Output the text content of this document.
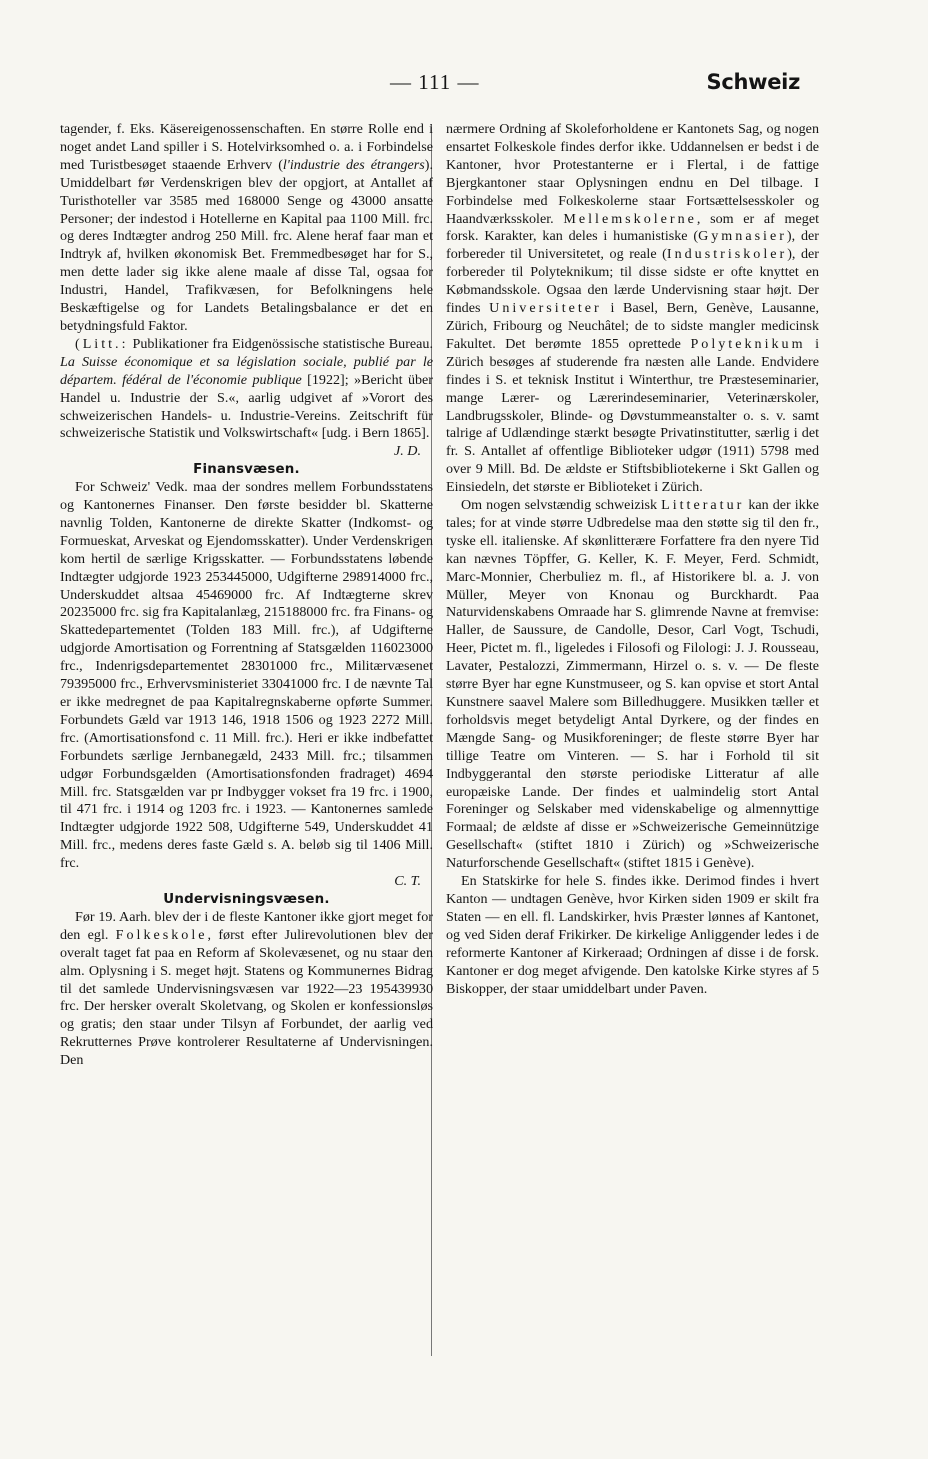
— 111 —	Schweiz

tagender, f. Eks. Käsereigenossenschaften. En større Rolle end i noget andet Land spiller i S. Hotelvirksomhed o. a. i Forbindelse med Turistbesøget staaende Erhverv (l'industrie des étrangers). Umiddelbart før Verdenskrigen blev der opgjort, at Antallet af Turisthoteller var 3585 med 168000 Senge og 43000 ansatte Personer; der indestod i Hotellerne en Kapital paa 1100 Mill. frc. og deres Indtægter androg 250 Mill. frc. Alene heraf faar man et Indtryk af, hvilken økonomisk Bet. Fremmedbesøget har for S., men dette lader sig ikke alene maale af disse Tal, ogsaa for Industri, Handel, Trafikvæsen, for Befolkningens hele Beskæftigelse og for Landets Betalingsbalance er det en betydningsfuld Faktor.

(Litt.: Publikationer fra Eidgenössische statistische Bureau. La Suisse économique et sa législation sociale, publié par le départem. fédéral de l'économie publique [1922]; »Bericht über Handel u. Industrie der S.«, aarlig udgivet af »Vorort des schweizerischen Handels- u. Industrie-Vereins. Zeitschrift für schweizerische Statistik und Volkswirtschaft« [udg. i Bern 1865].

J. D.

Finansvæsen.

For Schweiz' Vedk. maa der sondres mellem Forbundsstatens og Kantonernes Finanser. Den første besidder bl. Skatterne navnlig Tolden, Kantonerne de direkte Skatter (Indkomst- og Formueskat, Arveskat og Ejendomsskatter). Under Verdenskrigen kom hertil de særlige Krigsskatter. — Forbundsstatens løbende Indtægter udgjorde 1923 253445000, Udgifterne 298914000 frc., Underskuddet altsaa 45469000 frc. Af Indtægterne skrev 20235000 frc. sig fra Kapitalanlæg, 215188000 frc. fra Finans- og Skattedepartementet (Tolden 183 Mill. frc.), af Udgifterne udgjorde Amortisation og Forrentning af Statsgælden 116023000 frc., Indenrigsdepartementet 28301000 frc., Militærvæsenet 79395000 frc., Erhvervsministeriet 33041000 frc. I de nævnte Tal er ikke medregnet de paa Kapitalregnskaberne opførte Summer. Forbundets Gæld var 1913 146, 1918 1506 og 1923 2272 Mill. frc. (Amortisationsfond c. 11 Mill. frc.). Heri er ikke indbefattet Forbundets særlige Jernbanegæld, 2433 Mill. frc.; tilsammen udgør Forbundsgælden (Amortisationsfonden fradraget) 4694 Mill. frc. Statsgælden var pr Indbygger vokset fra 19 frc. i 1900, til 471 frc. i 1914 og 1203 frc. i 1923. — Kantonernes samlede Indtægter udgjorde 1922 508, Udgifterne 549, Underskuddet 41 Mill. frc., medens deres faste Gæld s. A. beløb sig til 1406 Mill. frc.

C. T.

Undervisningsvæsen.

Før 19. Aarh. blev der i de fleste Kantoner ikke gjort meget for den egl. Folkeskole, først efter Julirevolutionen blev der overalt taget fat paa en Reform af Skolevæsenet, og nu staar den alm. Oplysning i S. meget højt. Statens og Kommunernes Bidrag til det samlede Undervisningsvæsen var 1922—23 195439930 frc. Der hersker overalt Skoletvang, og Skolen er konfessionsløs og gratis; den staar under Tilsyn af Forbundet, der aarlig ved Rekrutternes Prøve kontrolerer Resultaterne af Undervisningen. Den

nærmere Ordning af Skoleforholdene er Kantonets Sag, og nogen ensartet Folkeskole findes derfor ikke. Uddannelsen er bedst i de Kantoner, hvor Protestanterne er i Flertal, i de fattige Bjergkantoner staar Oplysningen endnu en Del tilbage. I Forbindelse med Folkeskolerne staar Fortsættelsesskoler og Haandværksskoler. Mellemskolerne, som er af meget forsk. Karakter, kan deles i humanistiske (Gymnasier), der forbereder til Universitetet, og reale (Industriskoler), der forbereder til Polyteknikum; til disse sidste er ofte knyttet en Købmandsskole. Ogsaa den lærde Undervisning staar højt. Der findes Universiteter i Basel, Bern, Genève, Lausanne, Zürich, Fribourg og Neuchâtel; de to sidste mangler medicinsk Fakultet. Det berømte 1855 oprettede Polyteknikum i Zürich besøges af studerende fra næsten alle Lande. Endvidere findes i S. et teknisk Institut i Winterthur, tre Præsteseminarier, mange Lærer- og Lærerindeseminarier, Veterinærskoler, Landbrugsskoler, Blinde- og Døvstummeanstalter o. s. v. samt talrige af Udlændinge stærkt besøgte Privatinstitutter, særlig i det fr. S. Antallet af offentlige Biblioteker udgør (1911) 5798 med over 9 Mill. Bd. De ældste er Stiftsbibliotekerne i Skt Gallen og Einsiedeln, det største er Biblioteket i Zürich.

Om nogen selvstændig schweizisk Litteratur kan der ikke tales; for at vinde større Udbredelse maa den støtte sig til den fr., tyske ell. italienske. Af skønlitterære Forfattere fra den nyere Tid kan nævnes Töpffer, G. Keller, K. F. Meyer, Ferd. Schmidt, Marc-Monnier, Cherbuliez m. fl., af Historikere bl. a. J. von Müller, Meyer von Knonau og Burckhardt. Paa Naturvidenskabens Omraade har S. glimrende Navne at fremvise: Haller, de Saussure, de Candolle, Desor, Carl Vogt, Tschudi, Heer, Pictet m. fl., ligeledes i Filosofi og Filologi: J. J. Rousseau, Lavater, Pestalozzi, Zimmermann, Hirzel o. s. v. — De fleste større Byer har egne Kunstmuseer, og S. kan opvise et stort Antal Kunstnere saavel Malere som Billedhuggere. Musikken tæller et forholdsvis meget betydeligt Antal Dyrkere, og der findes en Mængde Sang- og Musikforeninger; de fleste større Byer har tillige Teatre om Vinteren. — S. har i Forhold til sit Indbyggerantal den største periodiske Litteratur af alle europæiske Lande. Der findes et ualmindelig stort Antal Foreninger og Selskaber med videnskabelige og almennyttige Formaal; de ældste af disse er »Schweizerische Gemeinnützige Gesellschaft« (stiftet 1810 i Zürich) og »Schweizerische Naturforschende Gesellschaft« (stiftet 1815 i Genève).

En Statskirke for hele S. findes ikke. Derimod findes i hvert Kanton — undtagen Genève, hvor Kirken siden 1909 er skilt fra Staten — en ell. fl. Landskirker, hvis Præster lønnes af Kantonet, og ved Siden deraf Frikirker. De kirkelige Anliggender ledes i de reformerte Kantoner af Kirkeraad; Ordningen af disse i de forsk. Kantoner er dog meget afvigende. Den katolske Kirke styres af 5 Biskopper, der staar umiddelbart under Paven.
